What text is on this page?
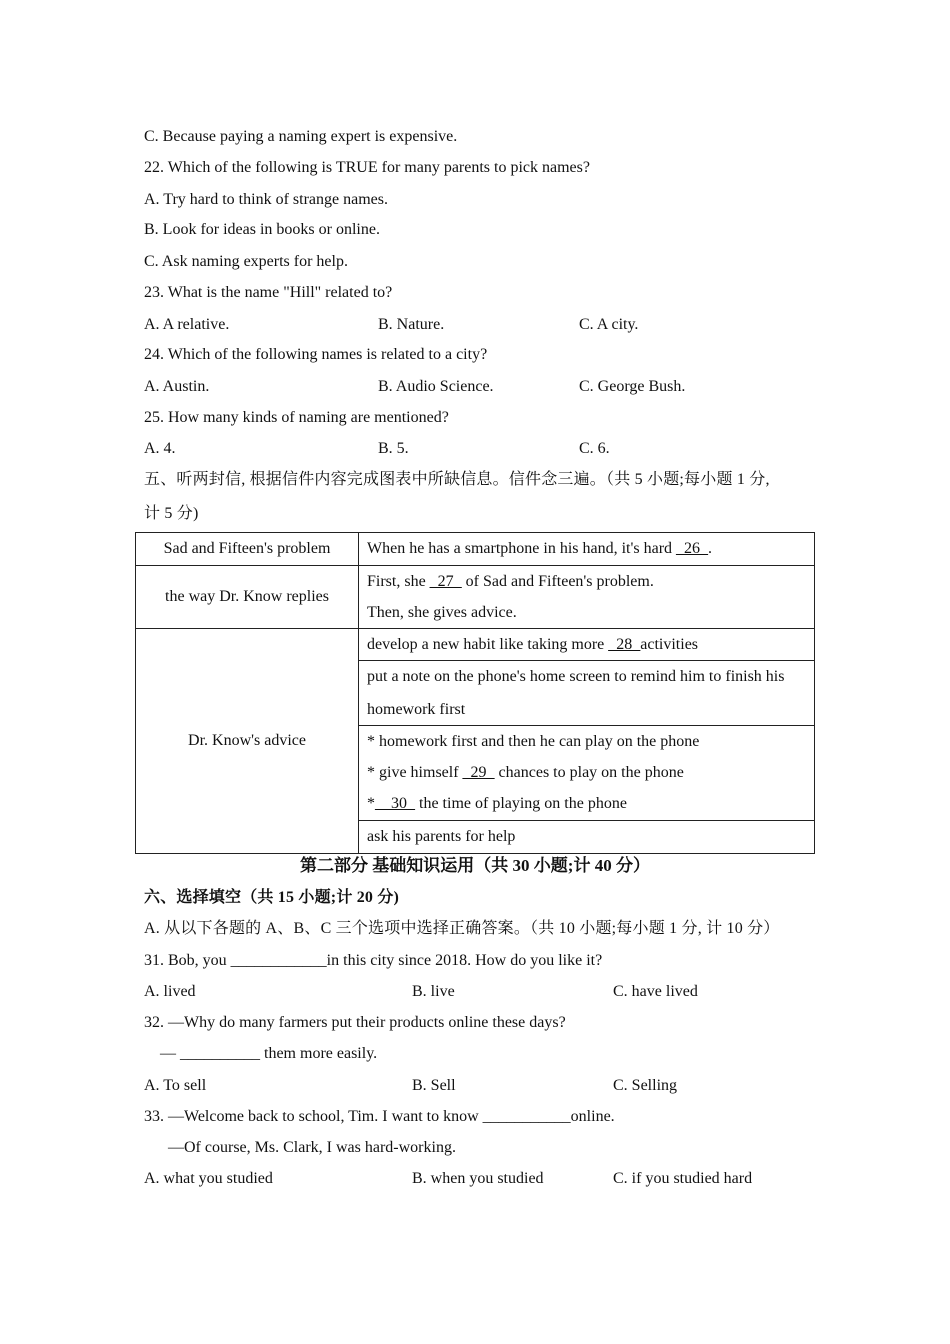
C. Because paying a naming expert is expensive.
22. Which of the following is TRUE for many parents to pick names?
A. Try hard to think of strange names.
B. Look for ideas in books or online.
C. Ask naming experts for help.
23. What is the name "Hill" related to?
A. A relative.	B. Nature.	C. A city.
24. Which of the following names is related to a city?
A. Austin.	B. Audio Science.	C. George Bush.
25. How many kinds of naming are mentioned?
A. 4.	B. 5.	C. 6.
五、听两封信, 根据信件内容完成图表中所缺信息。信件念三遍。（共 5 小题;每小题 1 分,
计 5 分)
Sad and Fifteen's problem	When he has a smartphone in his hand, it's hard _26_.
the way Dr. Know replies	First, she _27_ of Sad and Fifteen's problem.
Then, she gives advice.

Dr. Know's advice	develop a new habit like taking more _28_activities

	put a note on the phone's home screen to remind him to finish his
homework first

	* homework first and then he can play on the phone
* give himself _29_ chances to play on the phone
*__30_ the time of playing on the phone

	ask his parents for help
第二部分 基础知识运用（共 30 小题;计 40 分）
六、选择填空（共 15 小题;计 20 分)
A. 从以下各题的 A、B、C 三个选项中选择正确答案。（共 10 小题;每小题 1 分, 计 10 分）
31. Bob, you ____________in this city since 2018. How do you like it?
A. lived	B. live	C. have lived
32. —Why do many farmers put their products online these days?
— __________ them more easily.
A. To sell	B. Sell	C. Selling
33. —Welcome back to school, Tim. I want to know ___________online.
—Of course, Ms. Clark, I was hard-working.
A. what you studied	B. when you studied	C. if you studied hard
